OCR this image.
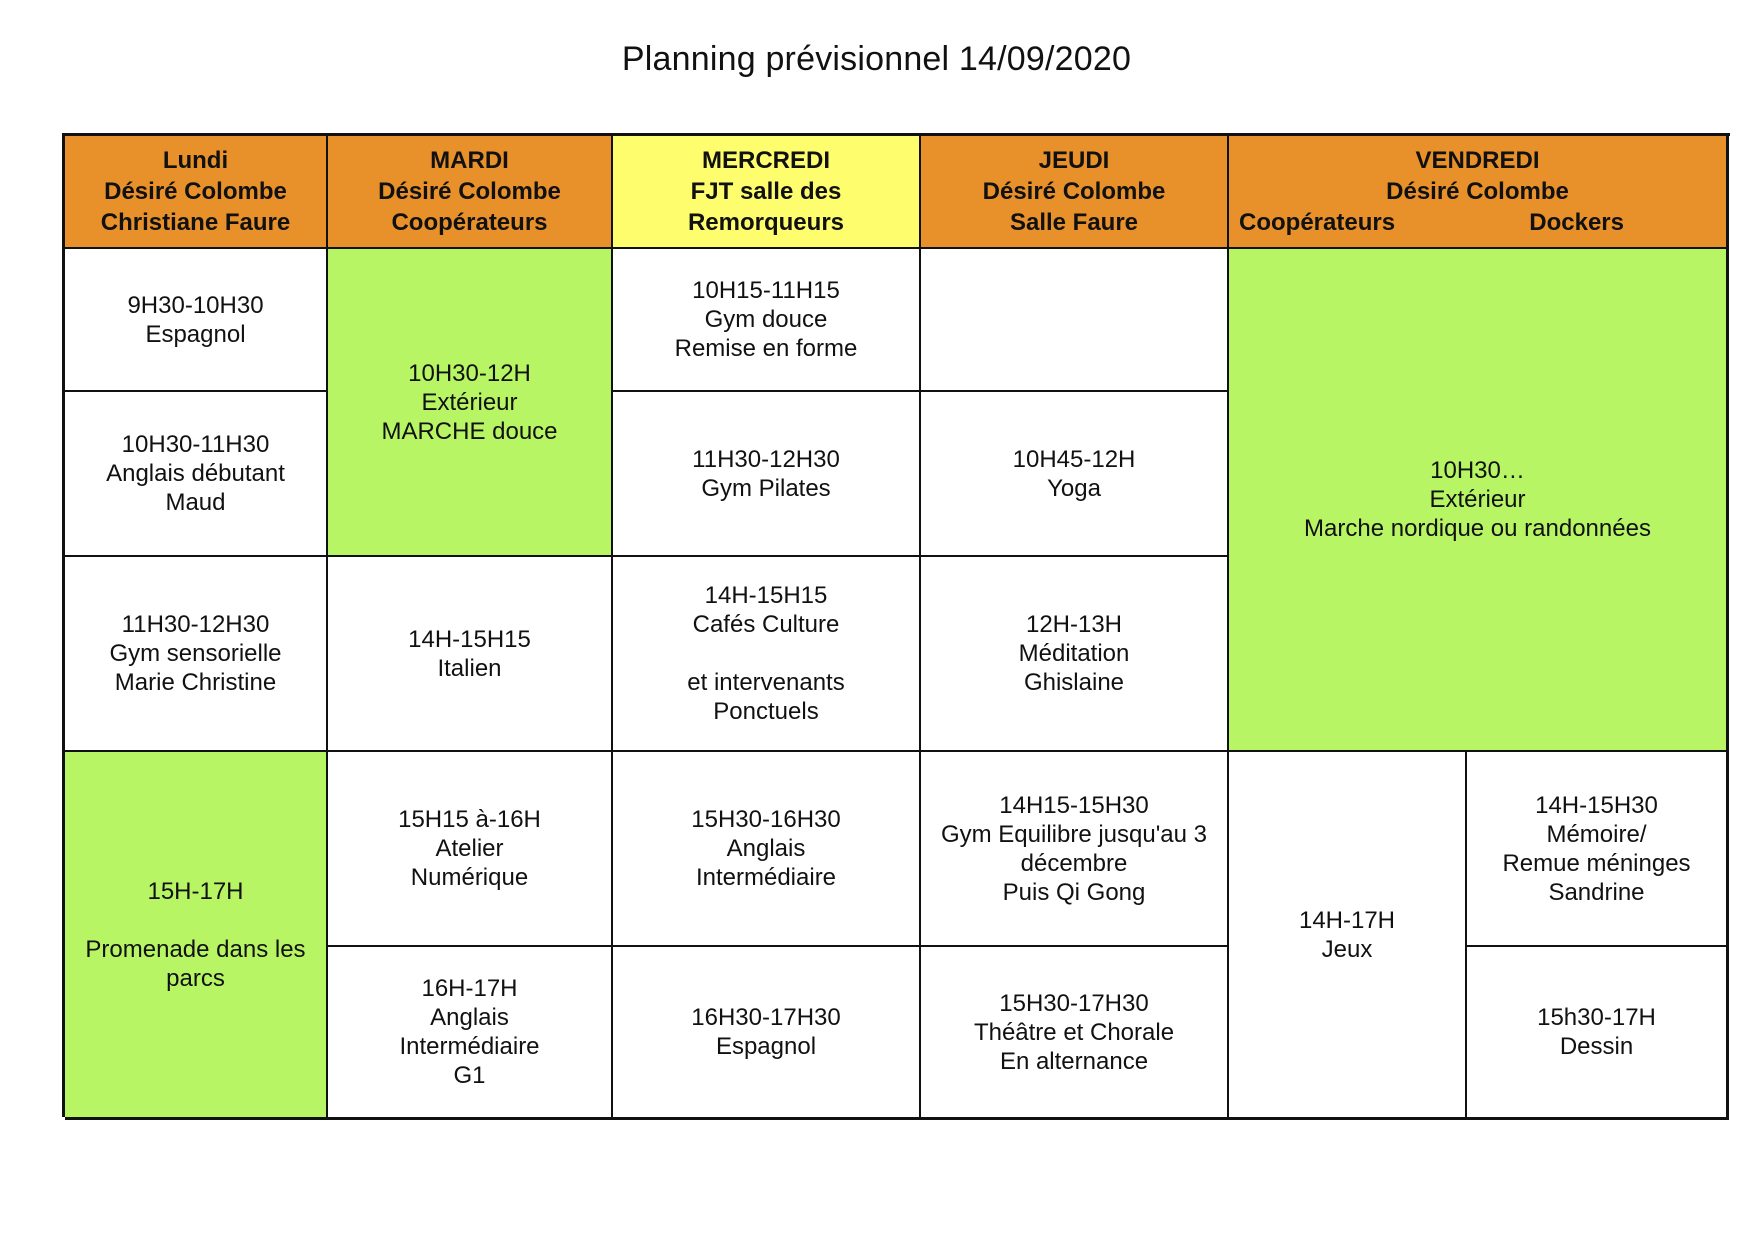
Planning prévisionnel 14/09/2020
Lundi
Désiré Colombe
Christiane Faure
MARDI
Désiré Colombe
Coopérateurs
MERCREDI
FJT salle des
Remorqueurs
JEUDI
Désiré Colombe
Salle Faure
VENDREDI
Désiré Colombe
Coopérateurs	Dockers
9H30-10H30
Espagnol
10H30-11H30
Anglais débutant
Maud
11H30-12H30
Gym sensorielle
Marie Christine
15H-17H

Promenade dans les
parcs
10H30-12H
Extérieur
MARCHE douce
14H-15H15
Italien
15H15 à-16H
Atelier
Numérique
16H-17H
Anglais
Intermédiaire
G1
10H15-11H15
Gym douce
Remise en forme
11H30-12H30
Gym Pilates
14H-15H15
Cafés Culture

et intervenants
Ponctuels
15H30-16H30
Anglais
Intermédiaire
16H30-17H30
Espagnol
10H45-12H
Yoga
12H-13H
Méditation
Ghislaine
14H15-15H30
Gym Equilibre jusqu'au 3
décembre
Puis Qi Gong
15H30-17H30
Théâtre et Chorale
En alternance
10H30…
Extérieur
Marche nordique ou randonnées
14H-17H
Jeux
14H-15H30
Mémoire/
Remue méninges
Sandrine
15h30-17H
Dessin
